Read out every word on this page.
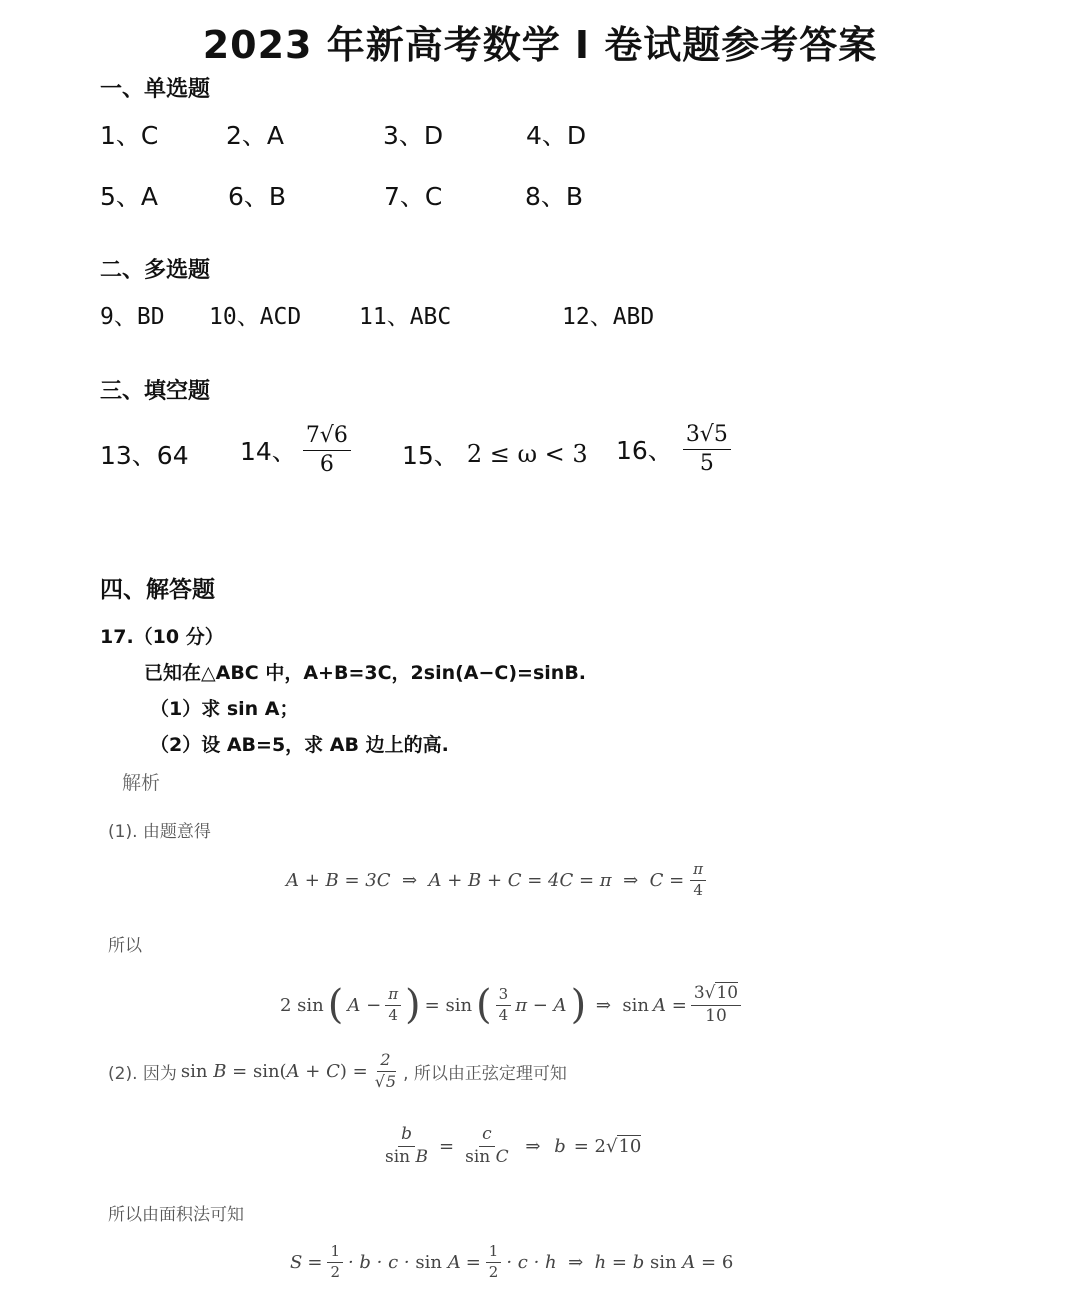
2023 年新高考数学 I 卷试题参考答案
一、单选题
1、C	2、A	3、D	4、D
5、A	6、B	7、C	8、B
二、多选题
9、BD 10、ACD	11、ABC	12、ABD
三、填空题
13、64 14、 $\frac{7√6}{6} 15$、 2 ≤ ω < 3 16、 $\frac{3√5}{5}$
四、解答题
17.（10 分）
已知在△ABC 中，A+B=3C，2sin(A−C)=sinB.
（1）求 sin A；
（2）设 AB=5，求 AB 边上的高.
解析
(1). 由题意得
A + B = 3C  ⇒  A + B + C = 4C = π  ⇒  $C = \frac{\pi}{4}$
所以
2 sin ( $A - \frac{\pi}{4}$ ) = sin ( $\frac{3}{4}$ π − A ) ⇒  $\sin A = \frac{3√10}{10}$
(2). 因为 $\sin B = \sin(A + C) = \frac{2}{√5}$ , 所以由正弦定理可知
$\frac{b}{\text{sin B}} = \frac{c}{\text{sin C}}$ ⇒ b = 2√10
所以由面积法可知
$S = \frac{1}{2} \cdot b \cdot c \cdot \sin A = \frac{1}{2} \cdot c \cdot h$  ⇒  h = b sin A = 6
